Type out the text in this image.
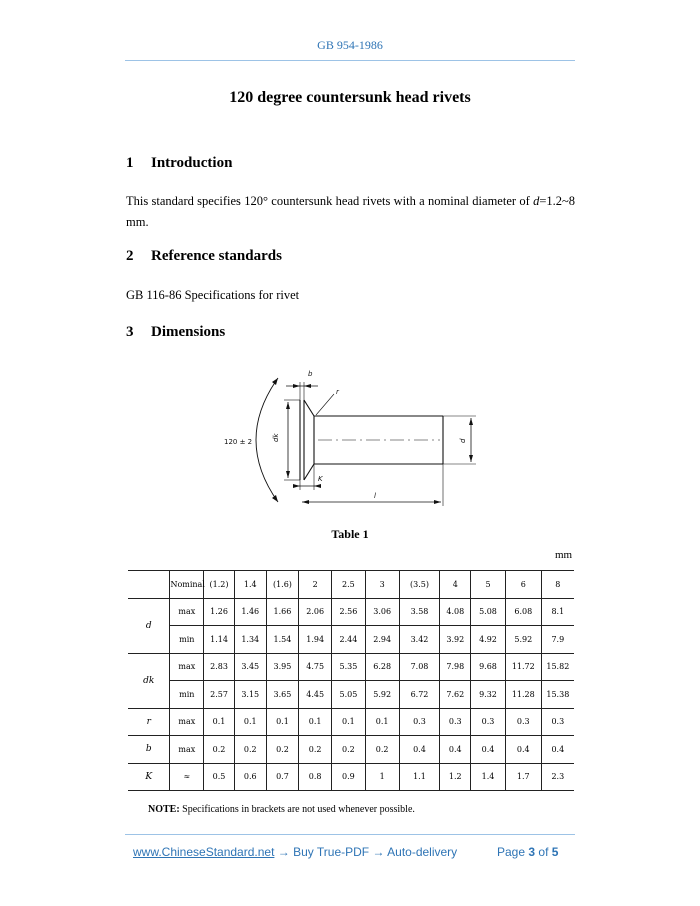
GB 954-1986
120 degree countersunk head rivets
1 Introduction
This standard specifies 120° countersunk head rivets with a nominal diameter of d=1.2~8 mm.
2 Reference standards
GB 116-86 Specifications for rivet
3 Dimensions
120 ± 2
b
r
dk	d
K
l
Table 1
mm
	Nominal	(1.2)	1.4	(1.6)	2	2.5	3	(3.5)	4	5	6	8
d	max	1.26	1.46	1.66	2.06	2.56	3.06	3.58	4.08	5.08	6.08	8.1
	min	1.14	1.34	1.54	1.94	2.44	2.94	3.42	3.92	4.92	5.92	7.9
dk	max	2.83	3.45	3.95	4.75	5.35	6.28	7.08	7.98	9.68	11.72	15.82
	min	2.57	3.15	3.65	4.45	5.05	5.92	6.72	7.62	9.32	11.28	15.38
r	max	0.1	0.1	0.1	0.1	0.1	0.1	0.3	0.3	0.3	0.3	0.3
b	max	0.2	0.2	0.2	0.2	0.2	0.2	0.4	0.4	0.4	0.4	0.4
K	≈	0.5	0.6	0.7	0.8	0.9	1	1.1	1.2	1.4	1.7	2.3
NOTE: Specifications in brackets are not used whenever possible.
www.ChineseStandard.net → Buy True-PDF → Auto-delivery	Page 3 of 5
